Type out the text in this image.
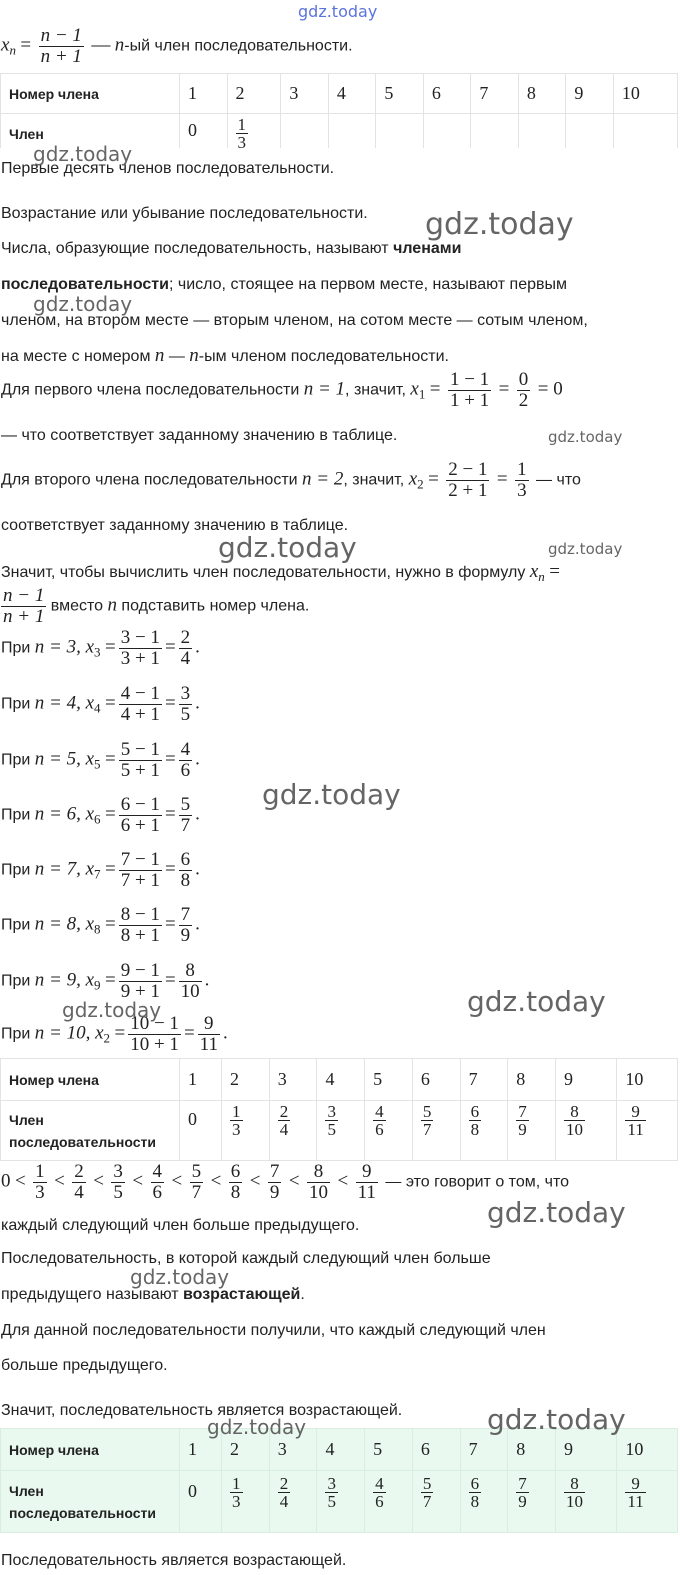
$x_n = \frac{n - 1}{n + 1}$ — n-ый член последовательности.
Номер члена	1	2	3	4	5	6	7	8	9	10
Член	0	$\frac{1}{3}$

Первые десять членов последовательности.
Возрастание или убывание последовательности.
Числа, образующие последовательность, называют членами
последовательности; число, стоящее на первом месте, называют первым
членом, на втором месте — вторым членом, на сотом месте — сотым членом,
на месте с номером n — n-ым членом последовательности.
Для первого члена последовательности n = 1, значит, $x_1 = \frac{1 - 1}{1 + 1} = \frac{0}{2} = 0$
— что соответствует заданному значению в таблице.
Для второго члена последовательности n = 2, значит, $x_2 = \frac{2 - 1}{2 + 1} = \frac{1}{3}$ — что
соответствует заданному значению в таблице.
Значит, чтобы вычислить член последовательности, нужно в формулу $x_n$ =
$\frac{n - 1}{n + 1}$ вместо n подставить номер члена.
При n = 3, $x_3 = \frac{3 - 1}{3 + 1} = \frac{2}{4}$ .
При n = 4, $x_4 = \frac{4 - 1}{4 + 1} = \frac{3}{5}$ .
При n = 5, $x_5 = \frac{5 - 1}{5 + 1} = \frac{4}{6}$ .
При n = 6, $x_6 = \frac{6 - 1}{6 + 1} = \frac{5}{7}$ .
При n = 7, $x_7 = \frac{7 - 1}{7 + 1} = \frac{6}{8}$ .
При n = 8, $x_8 = \frac{8 - 1}{8 + 1} = \frac{7}{9}$ .
При n = 9, $x_9 = \frac{9 - 1}{9 + 1} = \frac{8}{10}$ .
При n = 10, $x_2 = \frac{10 - 1}{10 + 1} = \frac{9}{11}$ .
Номер члена	1	2	3	4	5	6	7	8	9	10
Член
последовательности	0	$\frac{1}{3}$	$\frac{2}{4}$	$\frac{3}{5}$	$\frac{4}{6}$	$\frac{5}{7}$	$\frac{6}{8}$	$\frac{7}{9}$	$\frac{8}{10}$	$\frac{9}{11}$
$0 < \frac{1}{3} < \frac{2}{4} < \frac{3}{5} < \frac{4}{6} < \frac{5}{7} < \frac{6}{8} < \frac{7}{9} < \frac{8}{10} < \frac{9}{11}$ — это говорит о том, что
каждый следующий член больше предыдущего.
Последовательность, в которой каждый следующий член больше
предыдущего называют возрастающей.
Для данной последовательности получили, что каждый следующий член
больше предыдущего.
Значит, последовательность является возрастающей.
Номер члена	1	2	3	4	5	6	7	8	9	10
Член
последовательности	0	$\frac{1}{3}$	$\frac{2}{4}$	$\frac{3}{5}$	$\frac{4}{6}$	$\frac{5}{7}$	$\frac{6}{8}$	$\frac{7}{9}$	$\frac{8}{10}$	$\frac{9}{11}$
Последовательность является возрастающей.
gdz.today
gdz.today
gdz.today
gdz.today
gdz.today
gdz.today	gdz.today
gdz.today
gdz.today
gdz.today
gdz.today
gdz.today
gdz.today
gdz.today
